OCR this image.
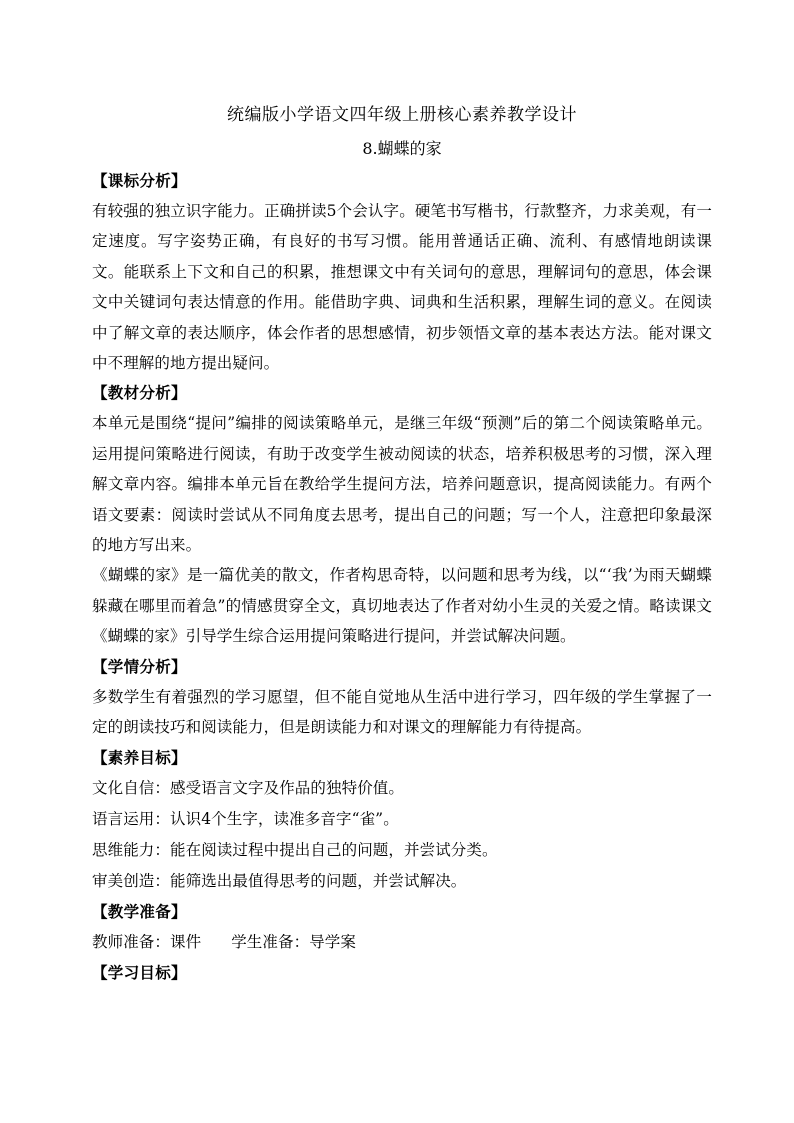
统编版小学语文四年级上册核心素养教学设计

8.蝴蝶的家

【课标分析】

有较强的独立识字能力。正确拼读5个会认字。硬笔书写楷书，行款整齐，力求美观，有一定速度。写字姿势正确，有良好的书写习惯。能用普通话正确、流利、有感情地朗读课文。能联系上下文和自己的积累，推想课文中有关词句的意思，理解词句的意思，体会课文中关键词句表达情意的作用。能借助字典、词典和生活积累，理解生词的意义。在阅读中了解文章的表达顺序，体会作者的思想感情，初步领悟文章的基本表达方法。能对课文中不理解的地方提出疑问。

【教材分析】

本单元是围绕“提问”编排的阅读策略单元，是继三年级“预测”后的第二个阅读策略单元。运用提问策略进行阅读，有助于改变学生被动阅读的状态，培养积极思考的习惯，深入理解文章内容。编排本单元旨在教给学生提问方法，培养问题意识，提高阅读能力。有两个语文要素：阅读时尝试从不同角度去思考，提出自己的问题；写一个人，注意把印象最深的地方写出来。

《蝴蝶的家》是一篇优美的散文，作者构思奇特，以问题和思考为线，以“‘我’为雨天蝴蝶躲藏在哪里而着急”的情感贯穿全文，真切地表达了作者对幼小生灵的关爱之情。略读课文《蝴蝶的家》引导学生综合运用提问策略进行提问，并尝试解决问题。

【学情分析】

多数学生有着强烈的学习愿望，但不能自觉地从生活中进行学习，四年级的学生掌握了一定的朗读技巧和阅读能力，但是朗读能力和对课文的理解能力有待提高。

【素养目标】

文化自信：感受语言文字及作品的独特价值。

语言运用：认识4个生字，读准多音字“雀”。

思维能力：能在阅读过程中提出自己的问题，并尝试分类。

审美创造：能筛选出最值得思考的问题，并尝试解决。

【教学准备】

教师准备：课件 学生准备：导学案

【学习目标】
